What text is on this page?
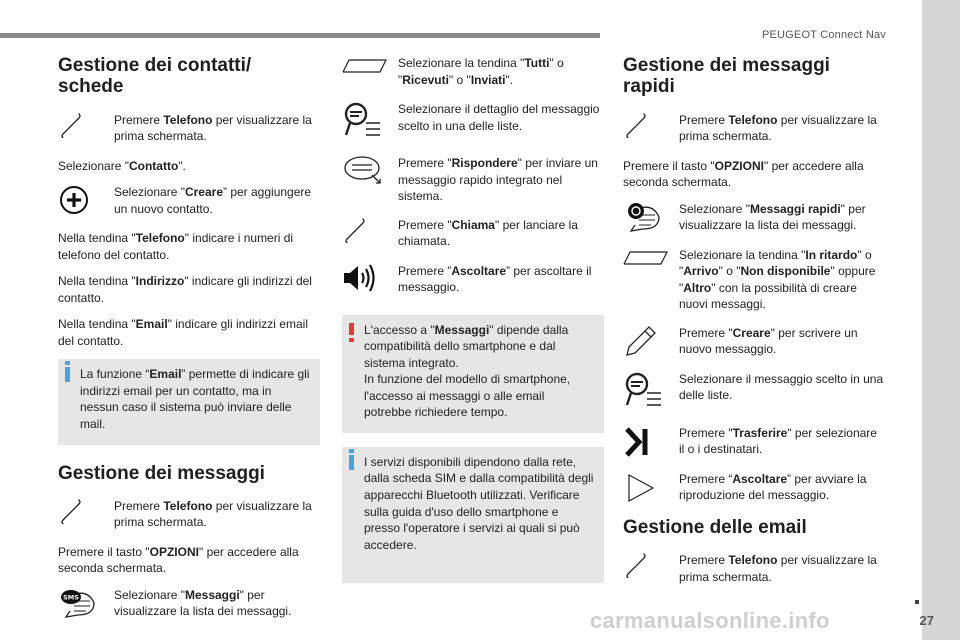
PEUGEOT Connect Nav
27
carmanualsonline.info
Gestione dei contatti/ schede
Premere Telefono per visualizzare la prima schermata.

Selezionare "Contatto".

Selezionare "Creare” per aggiungere un nuovo contatto.

Nella tendina "Telefono" indicare i numeri di telefono del contatto.

Nella tendina "Indirizzo" indicare gli indirizzi del contatto.

Nella tendina "Email" indicare gli indirizzi email del contatto.

La funzione “Email” permette di indicare gli indirizzi email per un contatto, ma in nessun caso il sistema può inviare delle mail.
Gestione dei messaggi
Premere Telefono per visualizzare la prima schermata.

Premere il tasto "OPZIONI" per accedere alla seconda schermata.

SMS	Selezionare "Messaggi" per visualizzare la lista dei messaggi.
Selezionare la tendina "Tutti" o "Ricevuti" o "Inviati".
Selezionare il dettaglio del messaggio scelto in una delle liste.
Premere "Rispondere" per inviare un messaggio rapido integrato nel sistema.
Premere "Chiama" per lanciare la chiamata.
Premere ”Ascoltare” per ascoltare il messaggio.
L'accesso a "Messaggi" dipende dalla compatibilità dello smartphone e dal sistema integrato.
In funzione del modello di smartphone, l'accesso ai messaggi o alle email potrebbe richiedere tempo.
I servizi disponibili dipendono dalla rete, dalla scheda SIM e dalla compatibilità degli apparecchi Bluetooth utilizzati. Verificare sulla guida d'uso dello smartphone e presso l'operatore i servizi ai quali si può accedere.
Gestione dei messaggi rapidi
Premere Telefono per visualizzare la prima schermata.

Premere il tasto "OPZIONI" per accedere alla seconda schermata.

Selezionare "Messaggi rapidi" per visualizzare la lista dei messaggi.
Selezionare la tendina "In ritardo" o "Arrivo" o "Non disponibile" oppure "Altro" con la possibilità di creare nuovi messaggi.
Premere "Creare" per scrivere un nuovo messaggio.
Selezionare il messaggio scelto in una delle liste.
Premere "Trasferire" per selezionare il o i destinatari.
Premere “Ascoltare” per avviare la riproduzione del messaggio.
Gestione delle email
Premere Telefono per visualizzare la prima schermata.
